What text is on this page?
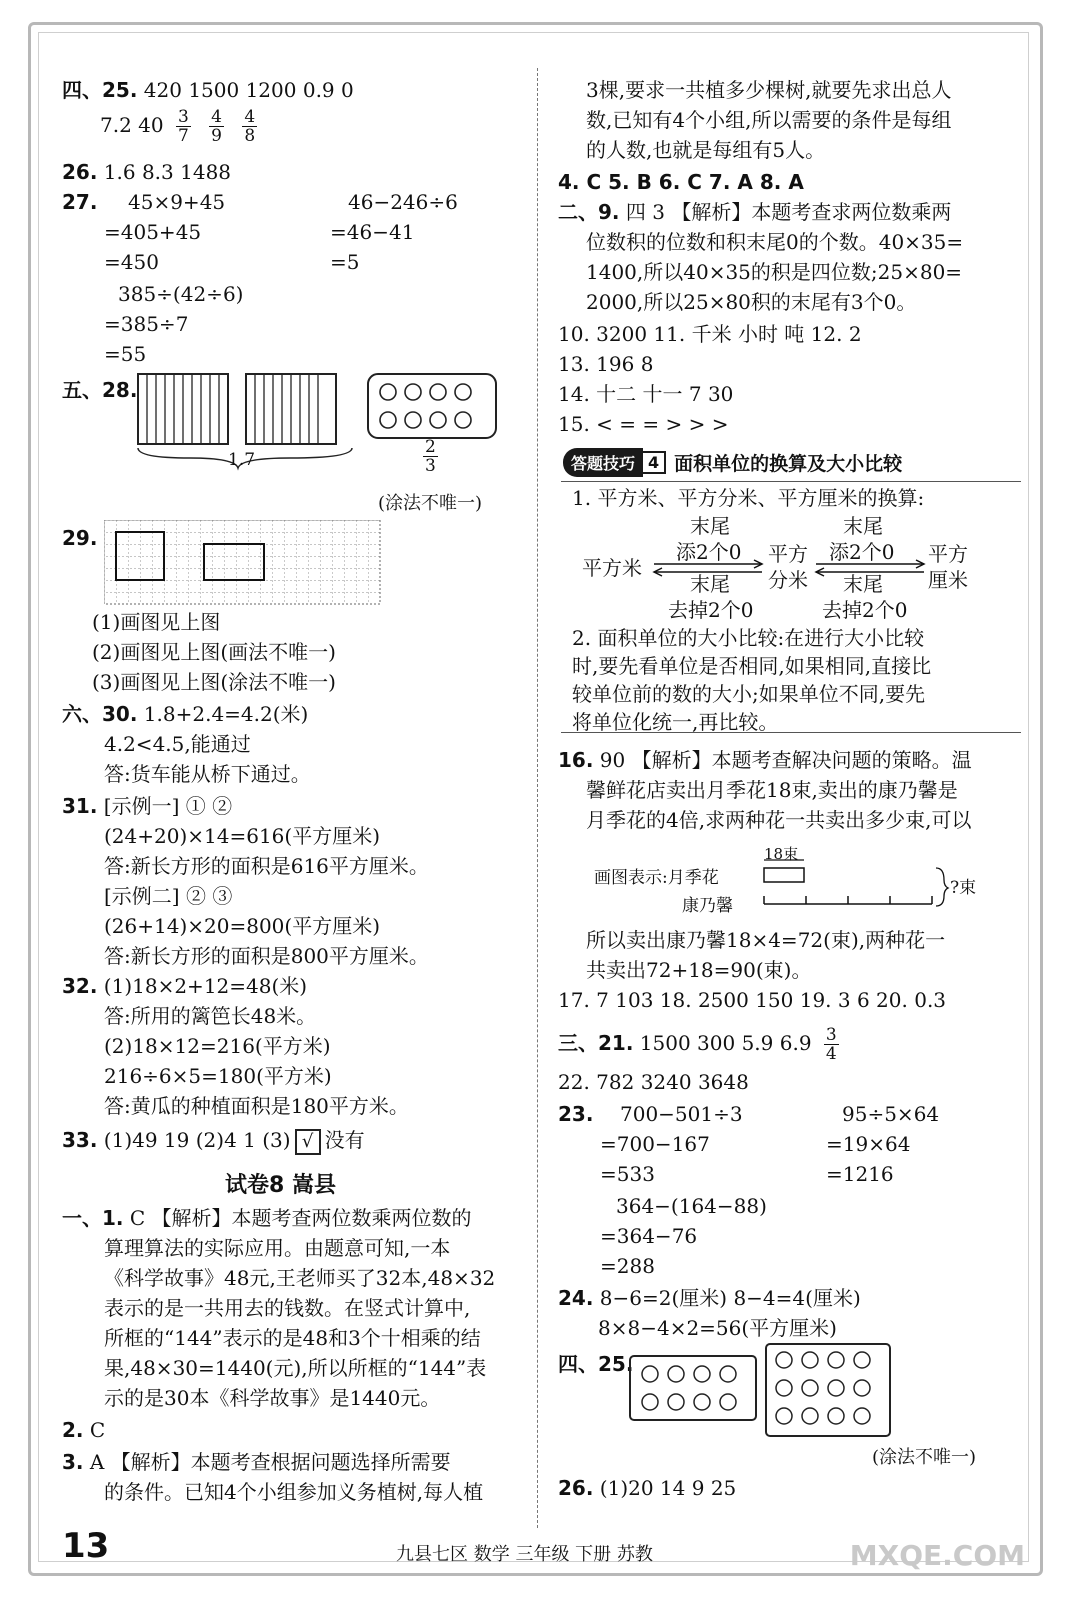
四、25. 420 1500 1200 0.9 0
7.2 $40 \frac{3}{7}$
$\frac{4}{9}$
$\frac{4}{8}$
26. 1.6 8.3 1488
27. 45×9+45
=405+45
=450
46−246÷6
=46−41
=5
385÷(42÷6)
=385÷7
=55
五、28.
1.7	$\frac{2}{3}$
(涂法不唯一)
29.
(1)画图见上图
(2)画图见上图(画法不唯一)
(3)画图见上图(涂法不唯一)
六、30. 1.8+2.4=4.2(米)
4.2<4.5,能通过
答:货车能从桥下通过。
31. [示例一] ① ②
(24+20)×14=616(平方厘米)
答:新长方形的面积是616平方厘米。
[示例二] ② ③
(26+14)×20=800(平方厘米)
答:新长方形的面积是800平方厘米。
32. (1)18×2+12=48(米)
答:所用的篱笆长48米。
(2)18×12=216(平方米)
216÷6×5=180(平方米)
答:黄瓜的种植面积是180平方米。
33. (1)49 19 (2)4 1 (3) √ 没有
试卷8 嵩县
一、1. C 【解析】本题考查两位数乘两位数的
算理算法的实际应用。由题意可知,一本
《科学故事》48元,王老师买了32本,48×32
表示的是一共用去的钱数。在竖式计算中,
所框的“144”表示的是48和3个十相乘的结
果,48×30=1440(元),所以所框的“144”表
示的是30本《科学故事》是1440元。
2. C
3. A 【解析】本题考查根据问题选择所需要
的条件。已知4个小组参加义务植树,每人植
3棵,要求一共植多少棵树,就要先求出总人
数,已知有4个小组,所以需要的条件是每组
的人数,也就是每组有5人。
4. C 5. B 6. C 7. A 8. A
二、9. 四 3 【解析】本题考查求两位数乘两
位数积的位数和积末尾0的个数。40×35=
1400,所以40×35的积是四位数;25×80=
2000,所以25×80积的末尾有3个0。
10. 3200 11. 千米 小时 吨 12. 2
13. 196 8
14. 十二 十一 7 30
15. < = = > > >
答题技巧 4 面积单位的换算及大小比较
1. 平方米、平方分米、平方厘米的换算:
末尾
添2个0
末尾
添2个0
平方米
平方
分米
平方
厘米
末尾
去掉2个0
末尾
去掉2个0
2. 面积单位的大小比较:在进行大小比较
时,要先看单位是否相同,如果相同,直接比
较单位前的数的大小;如果单位不同,要先
将单位化统一,再比较。
16. 90 【解析】本题考查解决问题的策略。温
馨鲜花店卖出月季花18束,卖出的康乃馨是
月季花的4倍,求两种花一共卖出多少束,可以
画图表示:月季花
康乃馨
18束
?束
所以卖出康乃馨18×4=72(束),两种花一
共卖出72+18=90(束)。
17. 7 103 18. 2500 150 19. 3 6 20. 0.3
三、21. 1500 300 5.9 $6.9 \frac{3}{4}$
22. 782 3240 3648
23. 700−501÷3
=700−167
=533
95÷5×64
=19×64
=1216
364−(164−88)
=364−76
=288
24. 8−6=2(厘米) 8−4=4(厘米)
8×8−4×2=56(平方厘米)
四、25.
(涂法不唯一)
26. (1)20 14 9 25
13	九县七区 数学 三年级 下册 苏教	MXQE.COM
